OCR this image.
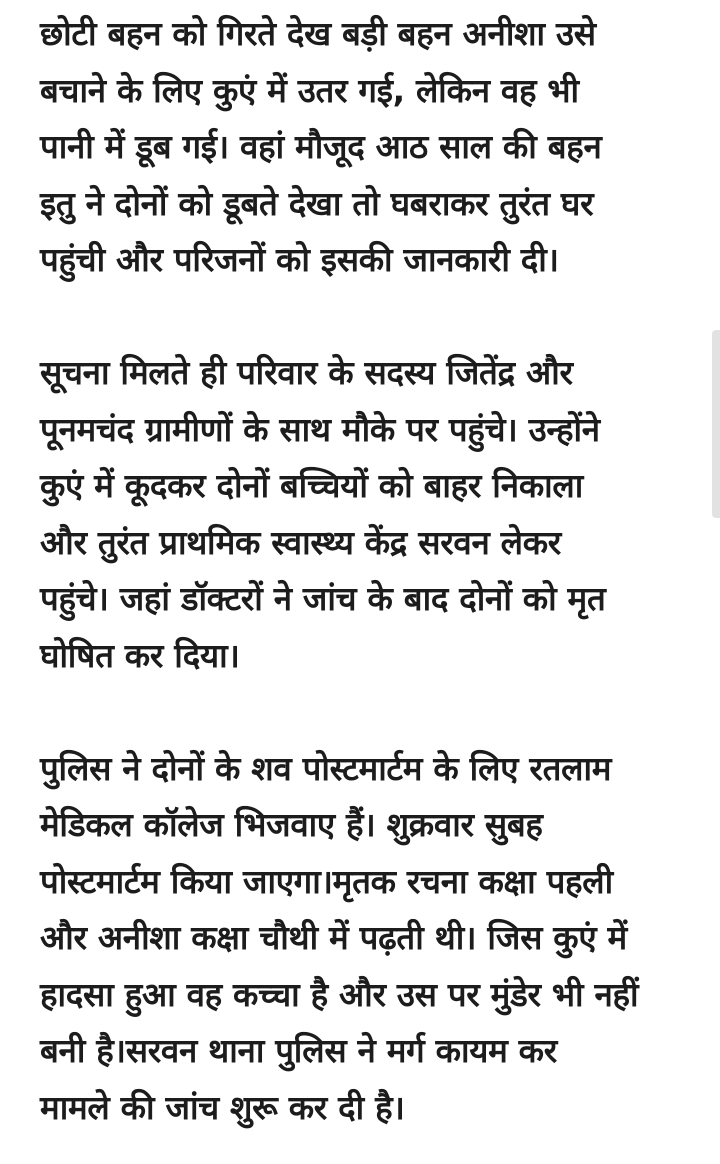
छोटी बहन को गिरते देख बड़ी बहन अनीशा उसे
बचाने के लिए कुएं में उतर गई, लेकिन वह भी
पानी में डूब गई। वहां मौजूद आठ साल की बहन
इतु ने दोनों को डूबते देखा तो घबराकर तुरंत घर
पहुंची और परिजनों को इसकी जानकारी दी।

सूचना मिलते ही परिवार के सदस्य जितेंद्र और
पूनमचंद ग्रामीणों के साथ मौके पर पहुंचे। उन्होंने
कुएं में कूदकर दोनों बच्चियों को बाहर निकाला
और तुरंत प्राथमिक स्वास्थ्य केंद्र सरवन लेकर
पहुंचे। जहां डॉक्टरों ने जांच के बाद दोनों को मृत
घोषित कर दिया।

पुलिस ने दोनों के शव पोस्टमार्टम के लिए रतलाम
मेडिकल कॉलेज भिजवाए हैं। शुक्रवार सुबह
पोस्टमार्टम किया जाएगा।मृतक रचना कक्षा पहली
और अनीशा कक्षा चौथी में पढ़ती थी। जिस कुएं में
हादसा हुआ वह कच्चा है और उस पर मुंडेर भी नहीं
बनी है।सरवन थाना पुलिस ने मर्ग कायम कर
मामले की जांच शुरू कर दी है।
